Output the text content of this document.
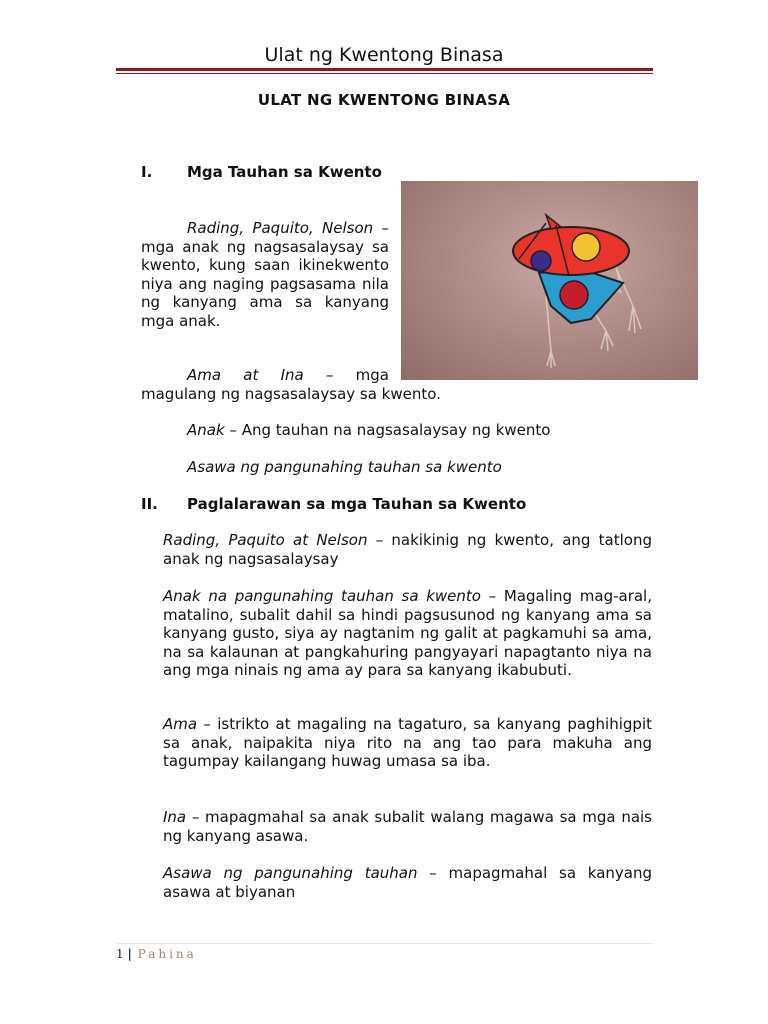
Ulat ng Kwentong Binasa
ULAT NG KWENTONG BINASA
I. Mga Tauhan sa Kwento

Rading, Paquito, Nelson – mga anak ng nagsasalaysay sa kwento, kung saan ikinekwento niya ang naging pagsasama nila ng kanyang ama sa kanyang mga anak.

Ama at Ina – mga
magulang ng nagsasalaysay sa kwento.
Anak – Ang tauhan na nagsasalaysay ng kwento
Asawa ng pangunahing tauhan sa kwento
II. Paglalarawan sa mga Tauhan sa Kwento

Rading, Paquito at Nelson – nakikinig ng kwento, ang tatlong anak ng nagsasalaysay

Anak na pangunahing tauhan sa kwento – Magaling mag-aral, matalino, subalit dahil sa hindi pagsusunod ng kanyang ama sa kanyang gusto, siya ay nagtanim ng galit at pagkamuhi sa ama, na sa kalaunan at pangkahuring pangyayari napagtanto niya na ang mga ninais ng ama ay para sa kanyang ikabubuti.

Ama – istrikto at magaling na tagaturo, sa kanyang paghihigpit sa anak, naipakita niya rito na ang tao para makuha ang tagumpay kailangang huwag umasa sa iba.

Ina – mapagmahal sa anak subalit walang magawa sa mga nais ng kanyang asawa.

Asawa ng pangunahing tauhan – mapagmahal sa kanyang asawa at biyanan

1 | Pahina
